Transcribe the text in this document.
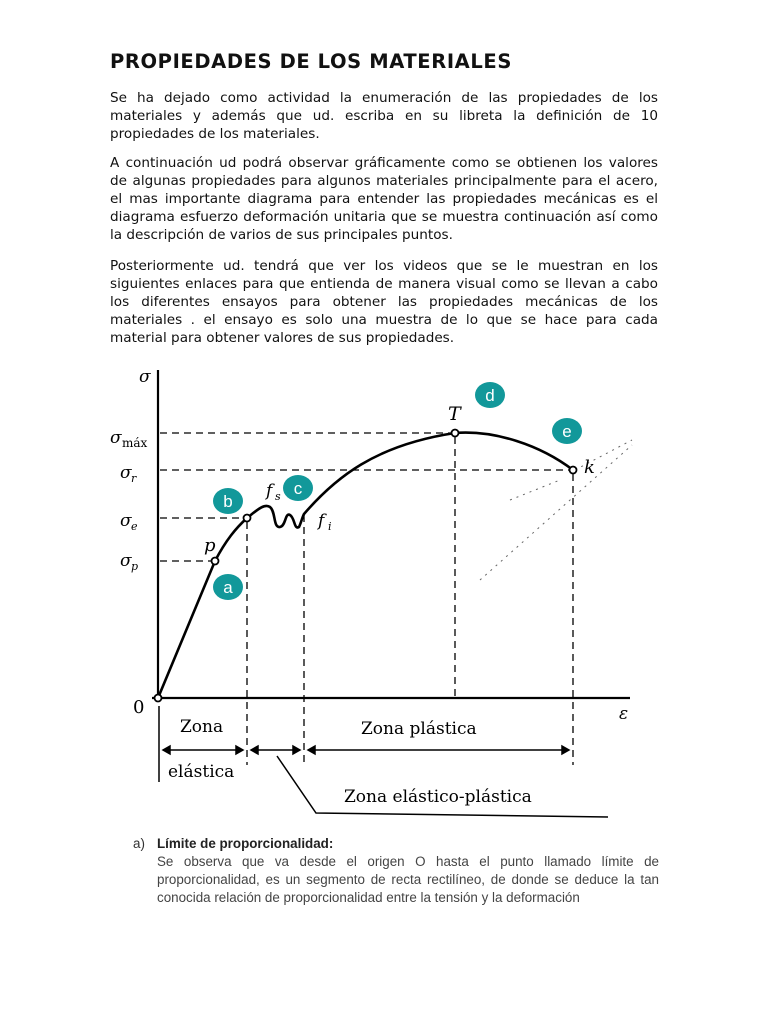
PROPIEDADES DE LOS MATERIALES

Se ha dejado como actividad la enumeración de las propiedades de los materiales y además que ud. escriba en su libreta la definición de 10 propiedades de los materiales.

A continuación ud podrá observar gráficamente como se obtienen los valores de algunas propiedades para algunos materiales principalmente para el acero, el mas importante diagrama para entender las propiedades mecánicas es el diagrama esfuerzo deformación unitaria que se muestra continuación así como la descripción de varios de sus principales puntos.

Posteriormente ud. tendrá que ver los videos que se le muestran en los siguientes enlaces para que entienda de manera visual como se llevan a cabo los diferentes ensayos para obtener las propiedades mecánicas de los materiales . el ensayo es solo una muestra de lo que se hace para cada material para obtener valores de sus propiedades.

σ
ε
0
σ máx
σ r
σ e
σ p
p
f s
f i
T
k
a
b
c
d
e
Zona
elástica
Zona plástica
Zona elástico-plástica
a) Límite de proporcionalidad:

Se observa que va desde el origen O hasta el punto llamado límite de proporcionalidad, es un segmento de recta rectilíneo, de donde se deduce la tan conocida relación de proporcionalidad entre la tensión y la deformación
